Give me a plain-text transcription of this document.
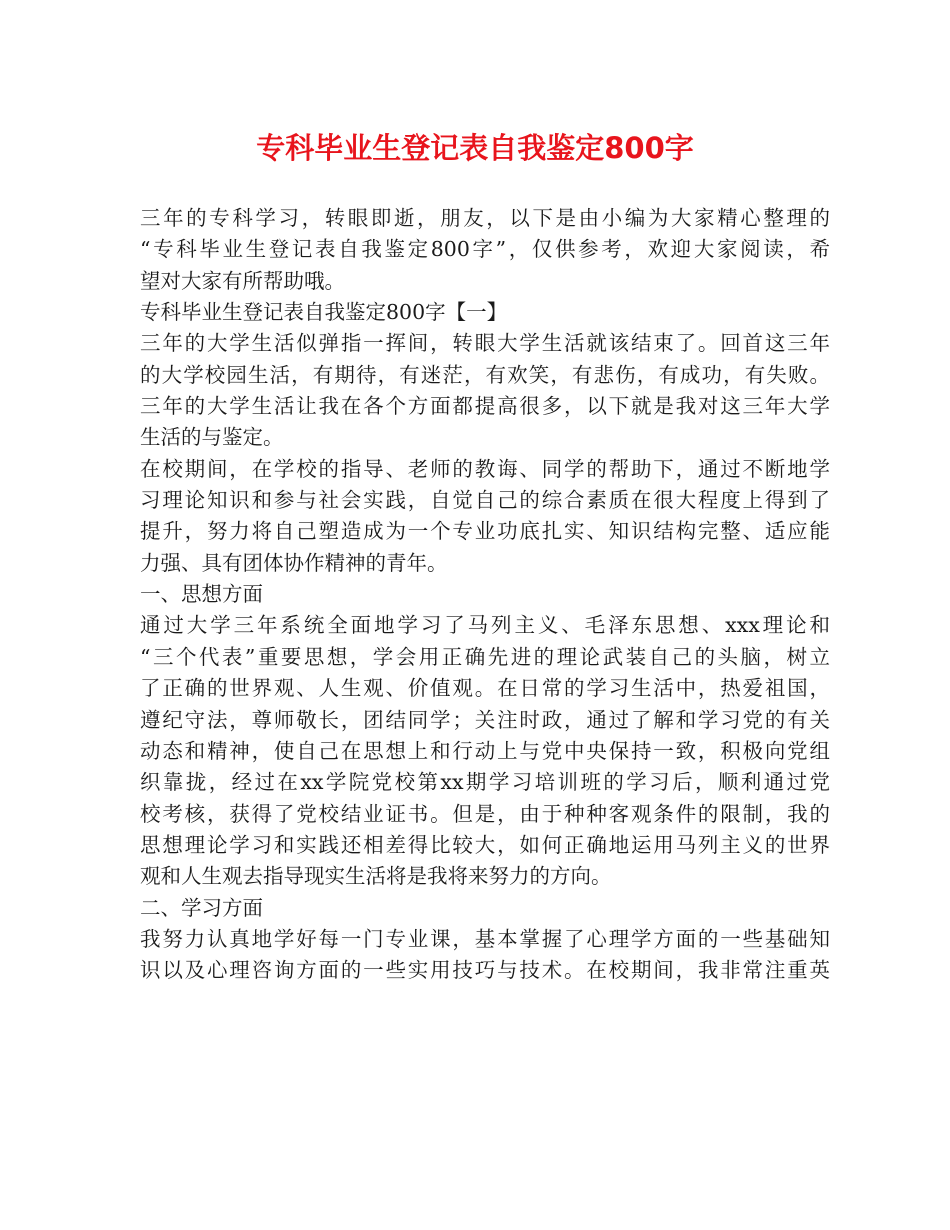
专科毕业生登记表自我鉴定800字
三年的专科学习，转眼即逝，朋友，以下是由小编为大家精心整理的
“专科毕业生登记表自我鉴定800字”，仅供参考，欢迎大家阅读，希
望对大家有所帮助哦。
专科毕业生登记表自我鉴定800字【一】
三年的大学生活似弹指一挥间，转眼大学生活就该结束了。回首这三年
的大学校园生活，有期待，有迷茫，有欢笑，有悲伤，有成功，有失败。
三年的大学生活让我在各个方面都提高很多，以下就是我对这三年大学
生活的与鉴定。
在校期间，在学校的指导、老师的教诲、同学的帮助下，通过不断地学
习理论知识和参与社会实践，自觉自己的综合素质在很大程度上得到了
提升，努力将自己塑造成为一个专业功底扎实、知识结构完整、适应能
力强、具有团体协作精神的青年。
一、思想方面
通过大学三年系统全面地学习了马列主义、毛泽东思想、xxx理论和
“三个代表”重要思想，学会用正确先进的理论武装自己的头脑，树立
了正确的世界观、人生观、价值观。在日常的学习生活中，热爱祖国，
遵纪守法，尊师敬长，团结同学；关注时政，通过了解和学习党的有关
动态和精神，使自己在思想上和行动上与党中央保持一致，积极向党组
织靠拢，经过在xx学院党校第xx期学习培训班的学习后，顺利通过党
校考核，获得了党校结业证书。但是，由于种种客观条件的限制，我的
思想理论学习和实践还相差得比较大，如何正确地运用马列主义的世界
观和人生观去指导现实生活将是我将来努力的方向。
二、学习方面
我努力认真地学好每一门专业课，基本掌握了心理学方面的一些基础知
识以及心理咨询方面的一些实用技巧与技术。在校期间，我非常注重英
